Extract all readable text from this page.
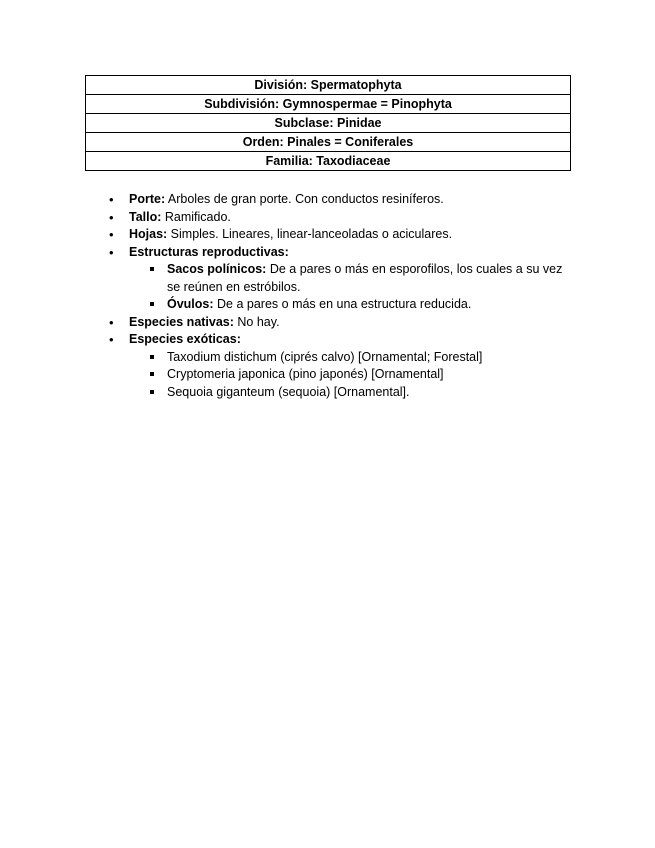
División: Spermatophyta
Subdivisión: Gymnospermae = Pinophyta
Subclase: Pinidae
Orden: Pinales = Coniferales
Familia: Taxodiaceae
• Porte: Arboles de gran porte. Con conductos resiníferos.
• Tallo: Ramificado.
• Hojas: Simples. Lineares, linear-lanceoladas o aciculares.
• Estructuras reproductivas:
Sacos polínicos: De a pares o más en esporofilos, los cuales a su vez se reúnen en estróbilos.
Óvulos: De a pares o más en una estructura reducida.
• Especies nativas: No hay.
• Especies exóticas:
Taxodium distichum (ciprés calvo) [Ornamental; Forestal]
Cryptomeria japonica (pino japonés) [Ornamental]
Sequoia giganteum (sequoia) [Ornamental].
